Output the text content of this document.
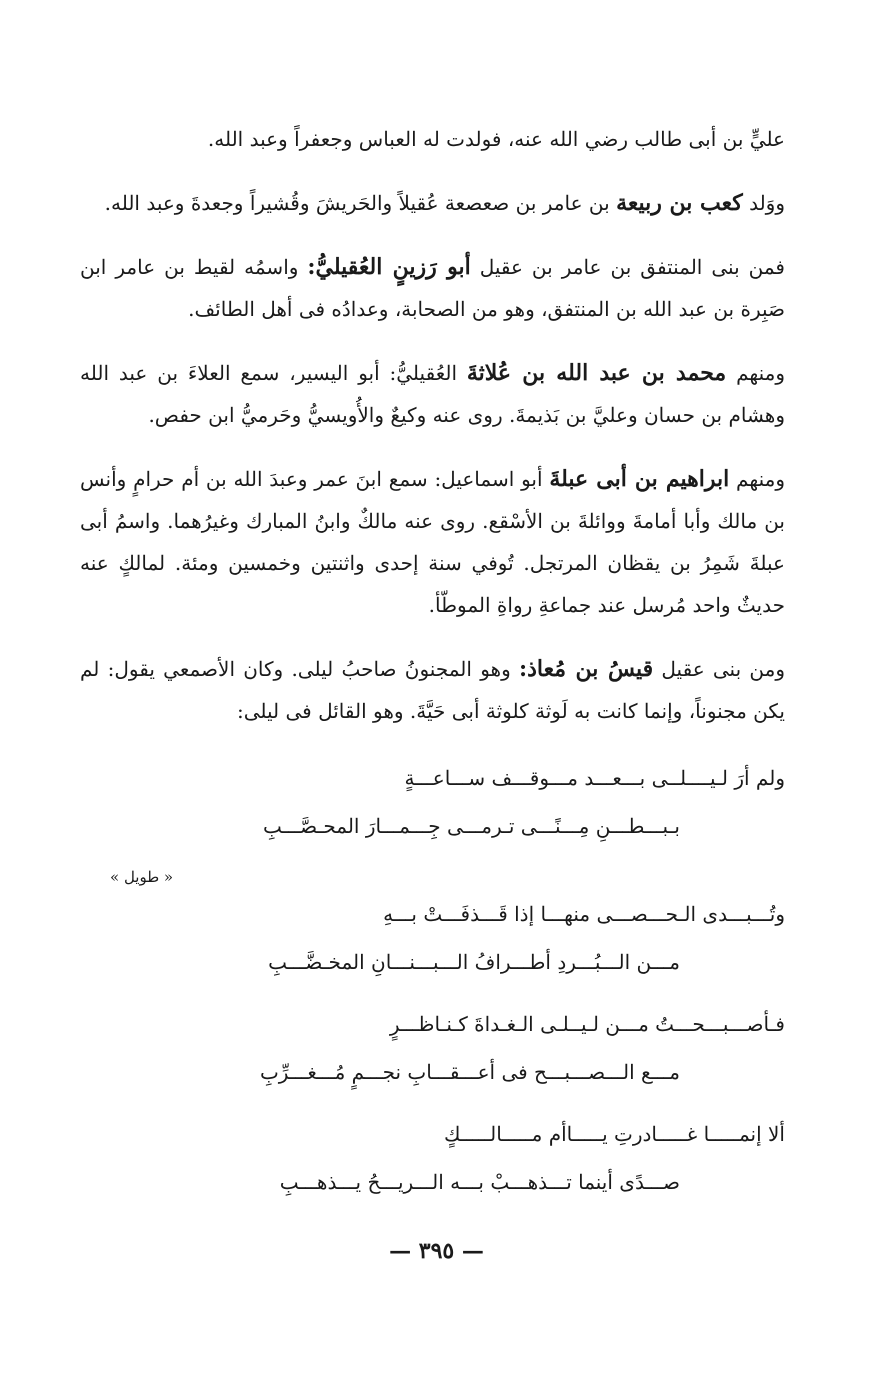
عليٍّ بن أبى طالب رضي الله عنه، فولدت له العباس وجعفراً وعبد الله.

ووَلد كعب بن ربيعة بن عامر بن صعصعة عُقيلاً والحَريشَ وقُشيراً وجعدةَ وعبد الله.

فمن بنى المنتفق بن عامر بن عقيل أبو رَزينٍ العُقيليُّ: واسمُه لقيط بن عامر ابن صَبِرة بن عبد الله بن المنتفق، وهو من الصحابة، وعدادُه فى أهل الطائف.

ومنهم محمد بن عبد الله بن عُلاثةَ العُقيليُّ: أبو اليسير، سمع العلاءَ بن عبد الله وهشام بن حسان وعليَّ بن بَذيمةَ. روى عنه وكيعٌ والأُويسيُّ وحَرميُّ ابن حفص.

ومنهم ابراهيم بن أبى عبلةَ أبو اسماعيل: سمع ابنَ عمر وعبدَ الله بن أم حرامٍ وأنس بن مالك وأبا أمامةَ ووائلةَ بن الأسْقع. روى عنه مالكٌ وابنُ المبارك وغيرُهما. واسمُ أبى عبلةَ شَمِرُ بن يقظان المرتجل. تُوفي سنة إحدى واثنتين وخمسين ومئة. لمالكٍ عنه حديثٌ واحد مُرسل عند جماعةِ رواةِ الموطّأ.

ومن بنى عقيل قيسُ بن مُعاذ: وهو المجنونُ صاحبُ ليلى. وكان الأصمعي يقول: لم يكن مجنوناً، وإنما كانت به لَوثة كلوثة أبى حَيَّةَ. وهو القائل فى ليلى:

ولم أرَ لـيــــلــى بـــعـــد مـــوقـــف ســـاعـــةٍ
بـبـــطـــنِ مِـــنًـــى تـرمـــى جِـــمـــارَ المحـصَّـــبِ
وتُـــبـــدى الـحـــصـــى منهـــا إذا قَـــذفَـــتْ بـــهِ
مـــن الـــبُـــردِ أطـــرافُ الـــبـــنـــانِ المخـضَّـــبِ
فـأصـــبـــحـــتُ مـــن لـيــلـى الـغـداةَ كـنـاظـــرٍ
مـــع الـــصـــبـــح فى أعـــقـــابِ نجـــمٍ مُـــغـــرِّبِ
ألا إنمـــــا غـــــادرتِ يـــــاأم مـــــالـــــكٍ
صـــدًى أينما تـــذهـــبْ بـــه الـــريـــحُ يـــذهـــبِ
« طويل »
— ٣٩٥ —
